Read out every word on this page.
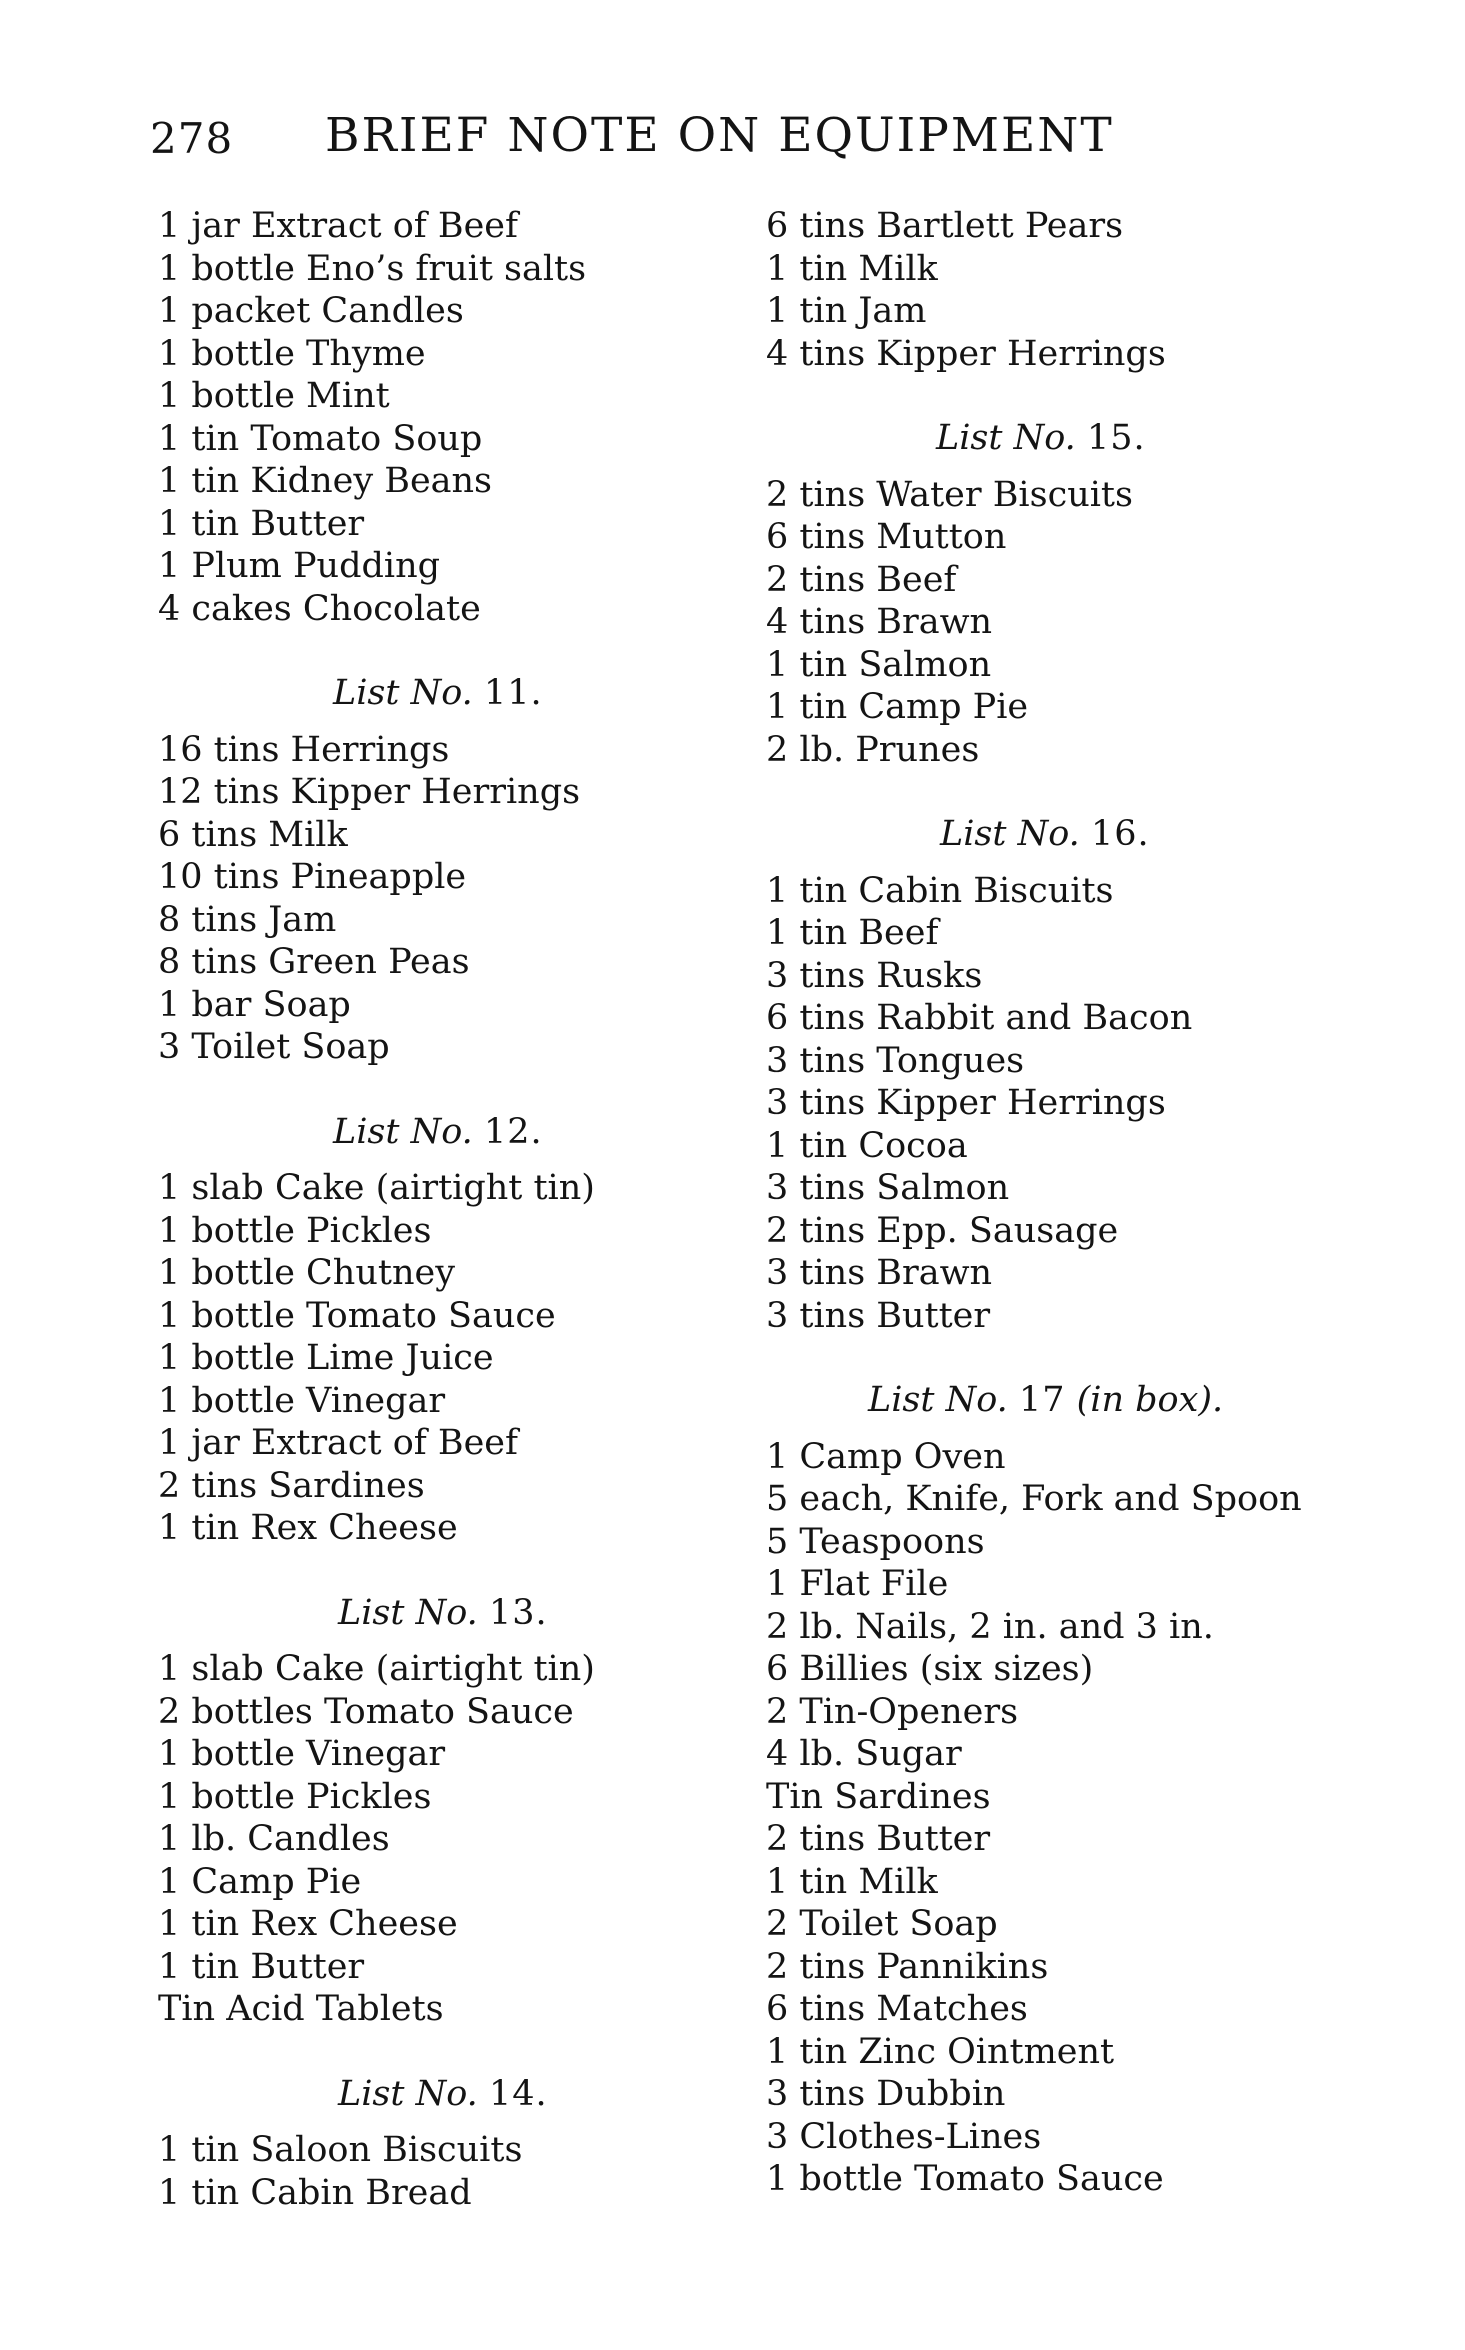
278 BRIEF NOTE ON EQUIPMENT
1 jar Extract of Beef
1 bottle Eno’s fruit salts
1 packet Candles
1 bottle Thyme
1 bottle Mint
1 tin Tomato Soup
1 tin Kidney Beans
1 tin Butter
1 Plum Pudding
4 cakes Chocolate
List No. 11.
16 tins Herrings
12 tins Kipper Herrings
6 tins Milk
10 tins Pineapple
8 tins Jam
8 tins Green Peas
1 bar Soap
3 Toilet Soap
List No. 12.
1 slab Cake (airtight tin)
1 bottle Pickles
1 bottle Chutney
1 bottle Tomato Sauce
1 bottle Lime Juice
1 bottle Vinegar
1 jar Extract of Beef
2 tins Sardines
1 tin Rex Cheese
List No. 13.
1 slab Cake (airtight tin)
2 bottles Tomato Sauce
1 bottle Vinegar
1 bottle Pickles
1 lb. Candles
1 Camp Pie
1 tin Rex Cheese
1 tin Butter
Tin Acid Tablets
List No. 14.
1 tin Saloon Biscuits
1 tin Cabin Bread
6 tins Bartlett Pears
1 tin Milk
1 tin Jam
4 tins Kipper Herrings
List No. 15.
2 tins Water Biscuits
6 tins Mutton
2 tins Beef
4 tins Brawn
1 tin Salmon
1 tin Camp Pie
2 lb. Prunes
List No. 16.
1 tin Cabin Biscuits
1 tin Beef
3 tins Rusks
6 tins Rabbit and Bacon
3 tins Tongues
3 tins Kipper Herrings
1 tin Cocoa
3 tins Salmon
2 tins Epp. Sausage
3 tins Brawn
3 tins Butter
List No. 17 (in box).
1 Camp Oven
5 each, Knife, Fork and Spoon
5 Teaspoons
1 Flat File
2 lb. Nails, 2 in. and 3 in.
6 Billies (six sizes)
2 Tin-Openers
4 lb. Sugar
Tin Sardines
2 tins Butter
1 tin Milk
2 Toilet Soap
2 tins Pannikins
6 tins Matches
1 tin Zinc Ointment
3 tins Dubbin
3 Clothes-Lines
1 bottle Tomato Sauce
